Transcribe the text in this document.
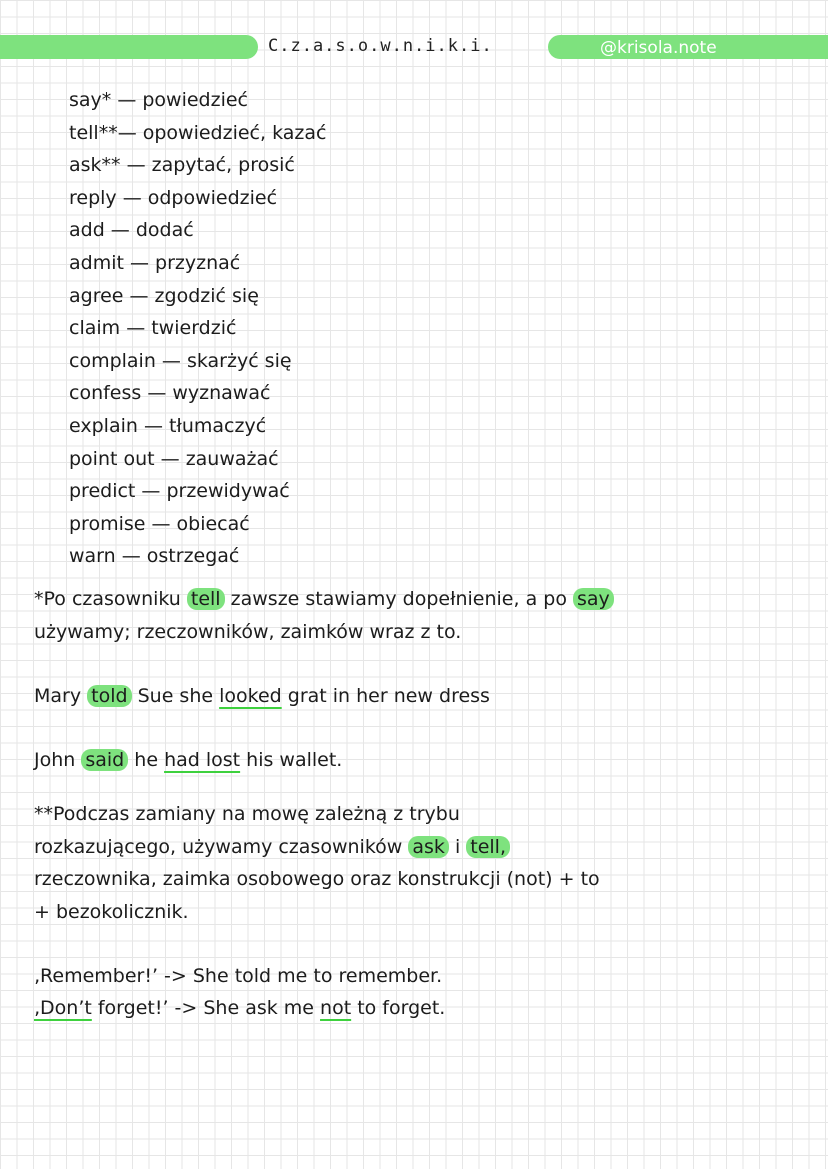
C.z.a.s.o.w.n.i.k.i.	@krisola.note
say* — powiedzieć
tell**— opowiedzieć, kazać
ask** — zapytać, prosić
reply — odpowiedzieć
add — dodać
admit — przyznać
agree — zgodzić się
claim — twierdzić
complain — skarżyć się
confess — wyznawać
explain — tłumaczyć
point out — zauważać
predict — przewidywać
promise — obiecać
warn — ostrzegać
*Po czasowniku tell zawsze stawiamy dopełnienie, a po say
używamy; rzeczowników, zaimków wraz z to.
Mary told Sue she looked grat in her new dress
John said he had lost his wallet.
**Podczas zamiany na mowę zależną z trybu
rozkazującego, używamy czasowników ask i tell,
rzeczownika, zaimka osobowego oraz konstrukcji (not) + to
+ bezokolicznik.
‚Remember!’ -> She told me to remember.
‚Don’t forget!’ -> She ask me not to forget.
